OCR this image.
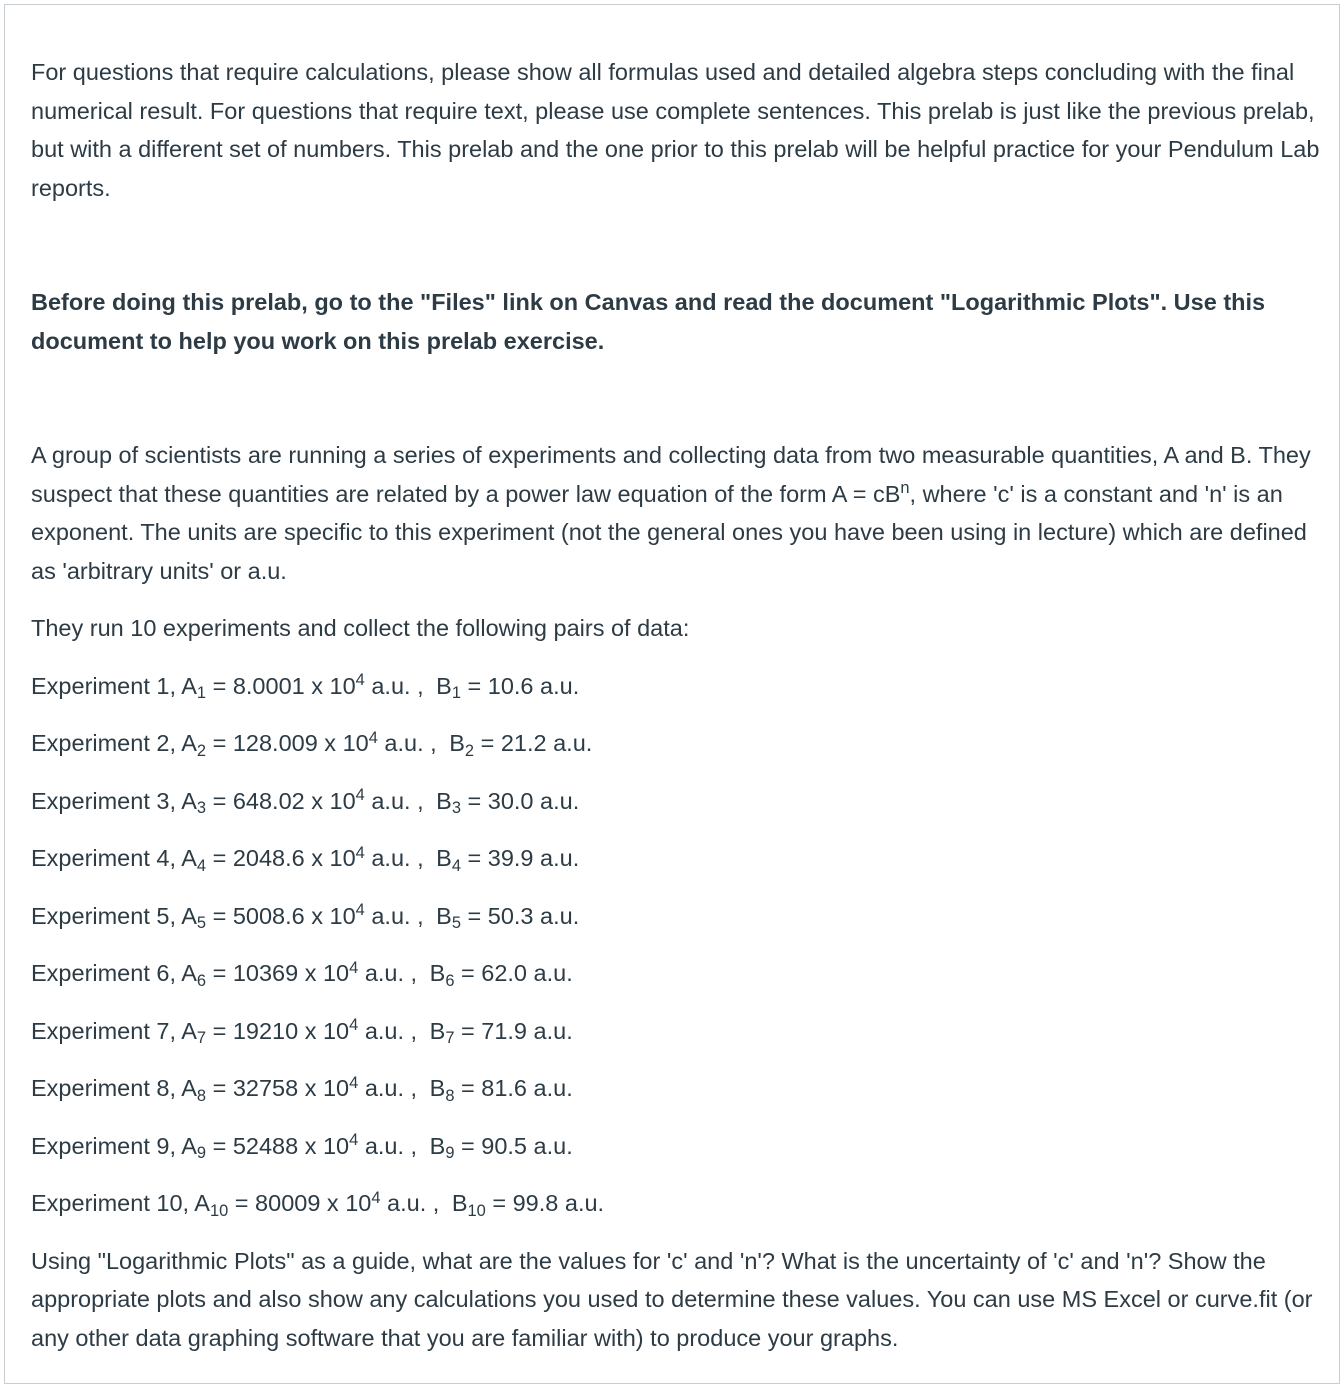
For questions that require calculations, please show all formulas used and detailed algebra steps concluding with the final numerical result. For questions that require text, please use complete sentences. This prelab is just like the previous prelab, but with a different set of numbers. This prelab and the one prior to this prelab will be helpful practice for your Pendulum Lab reports.

Before doing this prelab, go to the "Files" link on Canvas and read the document "Logarithmic Plots". Use this document to help you work on this prelab exercise.

A group of scientists are running a series of experiments and collecting data from two measurable quantities, A and B. They suspect that these quantities are related by a power law equation of the form $A = cB^n$, where 'c' is a constant and 'n' is an exponent. The units are specific to this experiment (not the general ones you have been using in lecture) which are defined as 'arbitrary units' or a.u.

They run 10 experiments and collect the following pairs of data:

Experiment 1, $A_1 = 8.0001$ x $10^4$ a.u. , $B_1 = 10.6$ a.u.

Experiment 2, $A_2 = 128.009$ x $10^4$ a.u. , $B_2 = 21.2$ a.u.

Experiment 3, $A_3 = 648.02$ x $10^4$ a.u. , $B_3 = 30.0$ a.u.

Experiment 4, $A_4 = 2048.6$ x $10^4$ a.u. , $B_4 = 39.9$ a.u.

Experiment 5, $A_5 = 5008.6$ x $10^4$ a.u. , $B_5 = 50.3$ a.u.

Experiment 6, $A_6 = 10369$ x $10^4$ a.u. , $B_6 = 62.0$ a.u.

Experiment 7, $A_7 = 19210$ x $10^4$ a.u. , $B_7 = 71.9$ a.u.

Experiment 8, $A_8 = 32758$ x $10^4$ a.u. , $B_8 = 81.6$ a.u.

Experiment 9, $A_9 = 52488$ x $10^4$ a.u. , $B_9 = 90.5$ a.u.

Experiment 10, $A_{10} = 80009$ x $10^4$ a.u. , $B_{10} = 99.8$ a.u.

Using "Logarithmic Plots" as a guide, what are the values for 'c' and 'n'? What is the uncertainty of 'c' and 'n'? Show the appropriate plots and also show any calculations you used to determine these values. You can use MS Excel or curve.fit (or any other data graphing software that you are familiar with) to produce your graphs.
